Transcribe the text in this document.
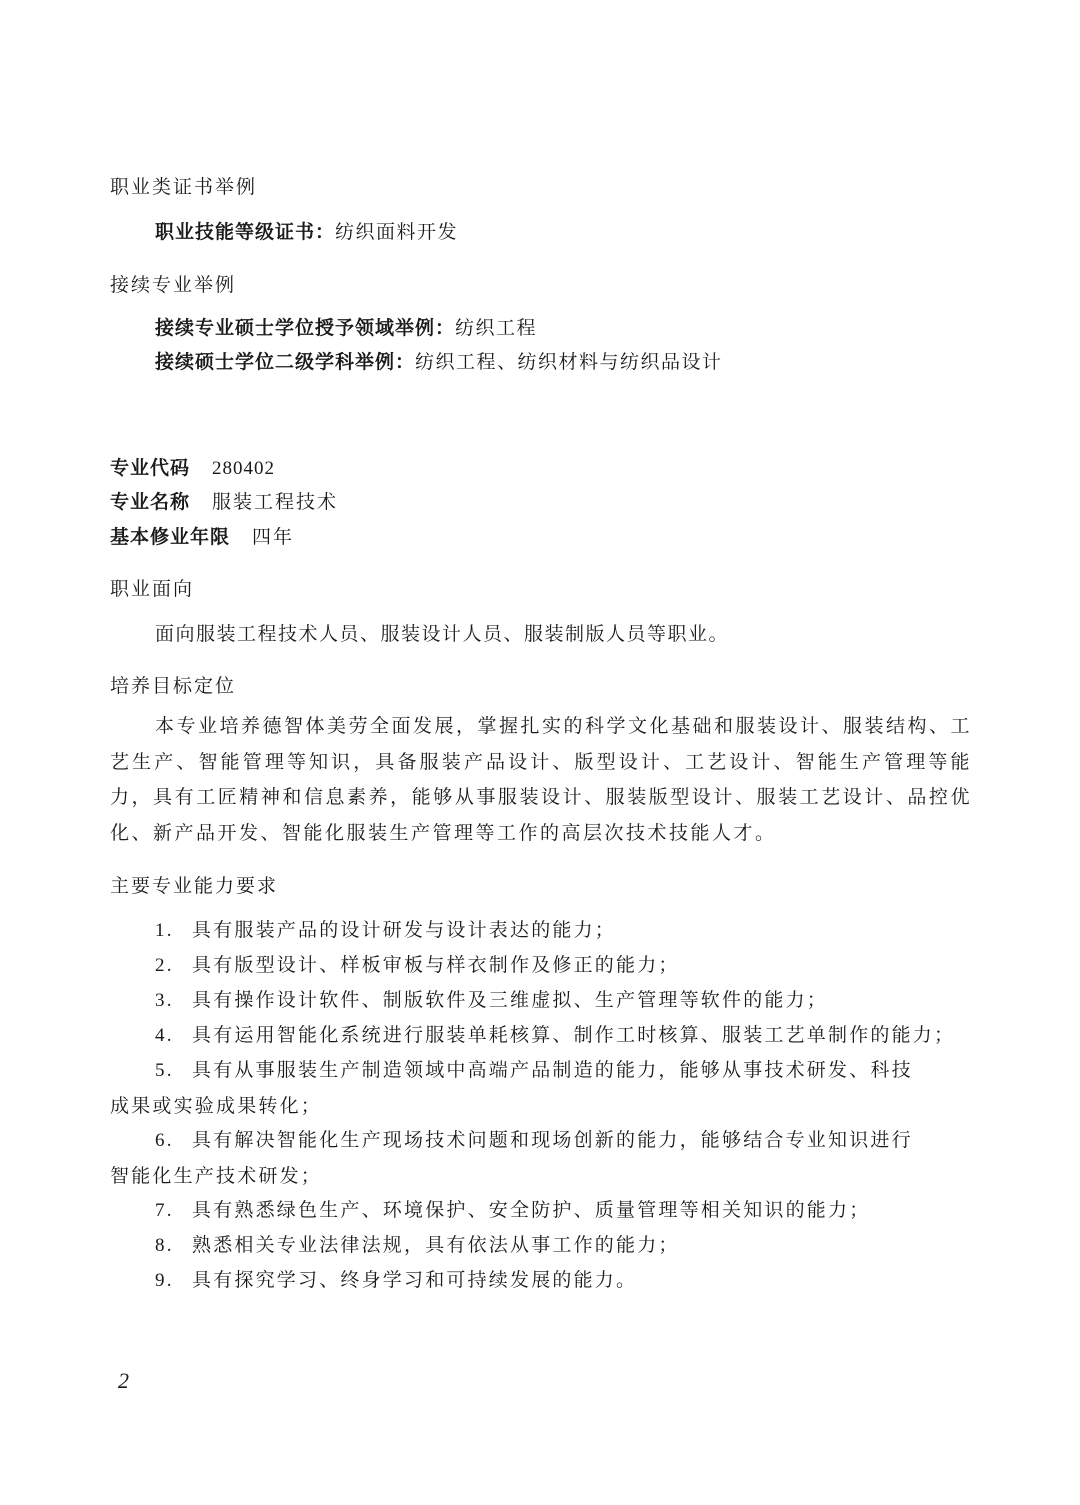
职业类证书举例
职业技能等级证书：纺织面料开发
接续专业举例
接续专业硕士学位授予领域举例：纺织工程
接续硕士学位二级学科举例：纺织工程、纺织材料与纺织品设计
专业代码 280402
专业名称 服装工程技术
基本修业年限 四年
职业面向
面向服装工程技术人员、服装设计人员、服装制版人员等职业。
培养目标定位

本专业培养德智体美劳全面发展，掌握扎实的科学文化基础和服装设计、服装结构、工艺生产、智能管理等知识，具备服装产品设计、版型设计、工艺设计、智能生产管理等能力，具有工匠精神和信息素养，能够从事服装设计、服装版型设计、服装工艺设计、品控优化、新产品开发、智能化服装生产管理等工作的高层次技术技能人才。

主要专业能力要求

1. 具有服装产品的设计研发与设计表达的能力；

2. 具有版型设计、样板审板与样衣制作及修正的能力；

3. 具有操作设计软件、制版软件及三维虚拟、生产管理等软件的能力；

4. 具有运用智能化系统进行服装单耗核算、制作工时核算、服装工艺单制作的能力；

5. 具有从事服装生产制造领域中高端产品制造的能力，能够从事技术研发、科技
成果或实验成果转化；

6. 具有解决智能化生产现场技术问题和现场创新的能力，能够结合专业知识进行
智能化生产技术研发；

7. 具有熟悉绿色生产、环境保护、安全防护、质量管理等相关知识的能力；

8. 熟悉相关专业法律法规，具有依法从事工作的能力；

9. 具有探究学习、终身学习和可持续发展的能力。

2
